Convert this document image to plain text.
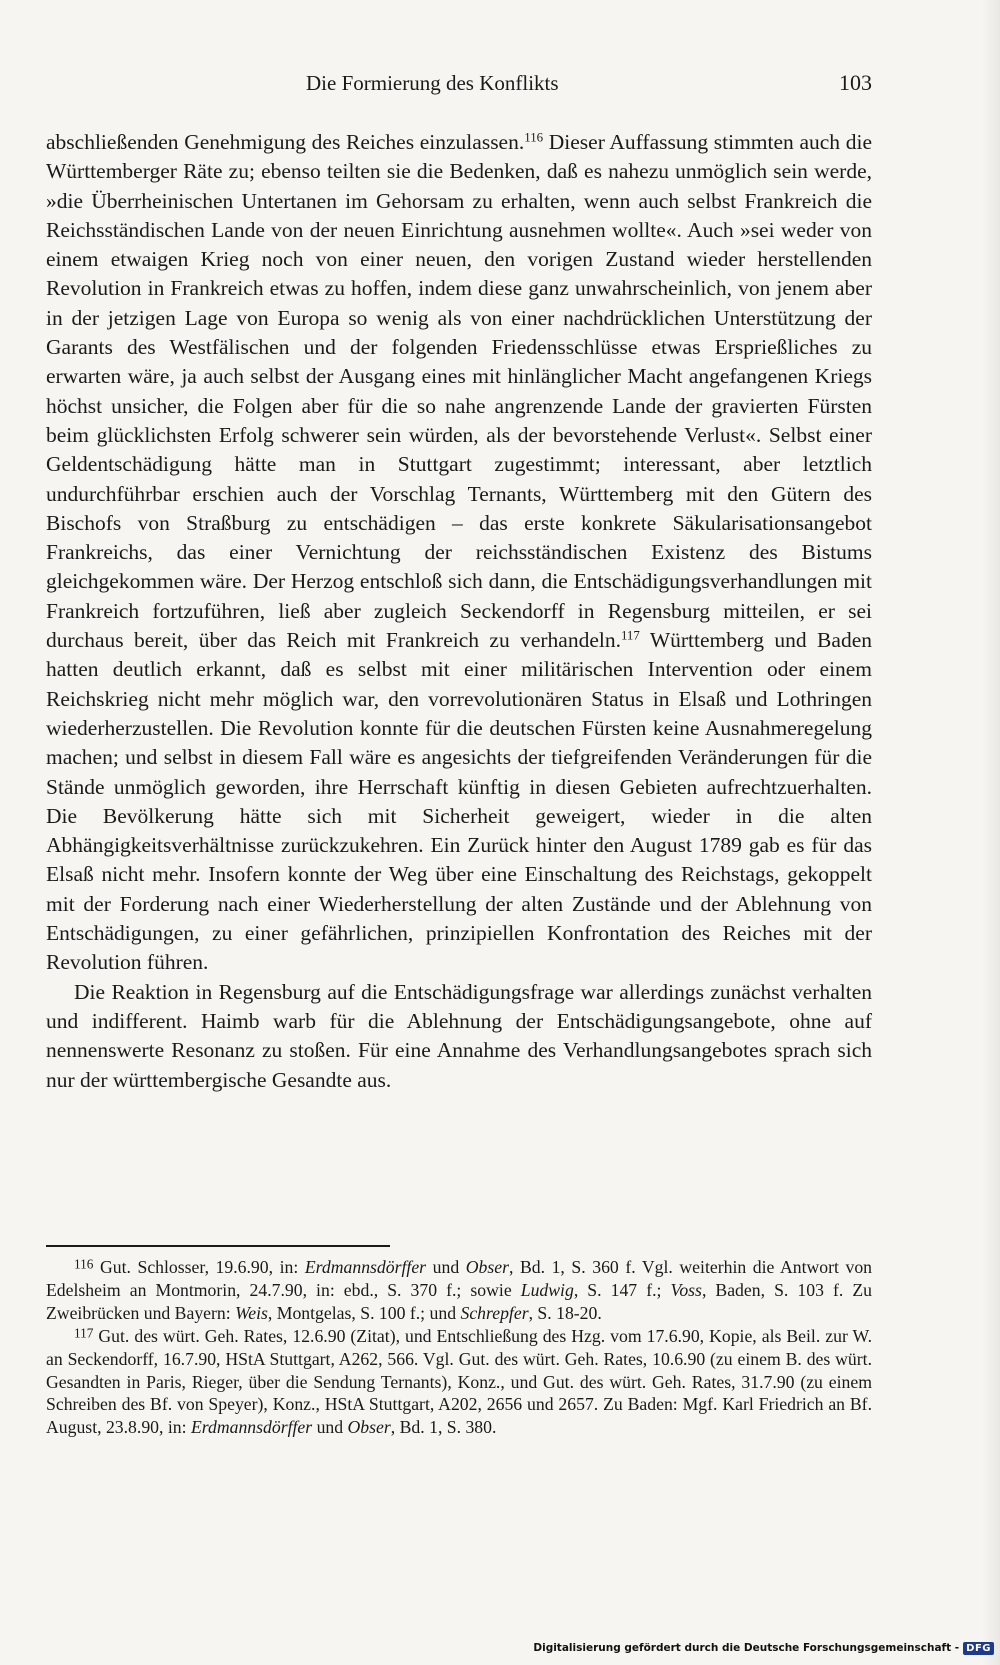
Die Formierung des Konflikts	103

abschließenden Genehmigung des Reiches einzulassen.$^{116}$ Dieser Auffassung stimmten auch die Württemberger Räte zu; ebenso teilten sie die Bedenken, daß es nahezu unmöglich sein werde, »die Überrheinischen Untertanen im Gehorsam zu erhalten, wenn auch selbst Frankreich die Reichsständischen Lande von der neuen Einrichtung ausnehmen wollte«. Auch »sei weder von einem etwaigen Krieg noch von einer neuen, den vorigen Zustand wieder herstellenden Revolution in Frankreich etwas zu hoffen, indem diese ganz unwahrscheinlich, von jenem aber in der jetzigen Lage von Europa so wenig als von einer nachdrücklichen Unterstützung der Garants des Westfälischen und der folgenden Friedensschlüsse etwas Ersprießliches zu erwarten wäre, ja auch selbst der Ausgang eines mit hinlänglicher Macht angefangenen Kriegs höchst unsicher, die Folgen aber für die so nahe angrenzende Lande der gravierten Fürsten beim glücklichsten Erfolg schwerer sein würden, als der bevorstehende Verlust«. Selbst einer Geldentschädigung hätte man in Stuttgart zugestimmt; interessant, aber letztlich undurchführbar erschien auch der Vorschlag Ternants, Württemberg mit den Gütern des Bischofs von Straßburg zu entschädigen – das erste konkrete Säkularisationsangebot Frankreichs, das einer Vernichtung der reichsständischen Existenz des Bistums gleichgekommen wäre. Der Herzog entschloß sich dann, die Entschädigungsverhandlungen mit Frankreich fortzuführen, ließ aber zugleich Seckendorff in Regensburg mitteilen, er sei durchaus bereit, über das Reich mit Frankreich zu verhandeln.$^{117}$ Württemberg und Baden hatten deutlich erkannt, daß es selbst mit einer militärischen Intervention oder einem Reichskrieg nicht mehr möglich war, den vorrevolutionären Status in Elsaß und Lothringen wiederherzustellen. Die Revolution konnte für die deutschen Fürsten keine Ausnahmeregelung machen; und selbst in diesem Fall wäre es angesichts der tiefgreifenden Veränderungen für die Stände unmöglich geworden, ihre Herrschaft künftig in diesen Gebieten aufrechtzuerhalten. Die Bevölkerung hätte sich mit Sicherheit geweigert, wieder in die alten Abhängigkeitsverhältnisse zurückzukehren. Ein Zurück hinter den August 1789 gab es für das Elsaß nicht mehr. Insofern konnte der Weg über eine Einschaltung des Reichstags, gekoppelt mit der Forderung nach einer Wiederherstellung der alten Zustände und der Ablehnung von Entschädigungen, zu einer gefährlichen, prinzipiellen Konfrontation des Reiches mit der Revolution führen.

Die Reaktion in Regensburg auf die Entschädigungsfrage war allerdings zunächst verhalten und indifferent. Haimb warb für die Ablehnung der Entschädigungsangebote, ohne auf nennenswerte Resonanz zu stoßen. Für eine Annahme des Verhandlungsangebotes sprach sich nur der württembergische Gesandte aus.

$^{116}$ Gut. Schlosser, 19.6.90, in: Erdmannsdörffer und Obser, Bd. 1, S. 360 f. Vgl. weiterhin die Antwort von Edelsheim an Montmorin, 24.7.90, in: ebd., S. 370 f.; sowie Ludwig, S. 147 f.; Voss, Baden, S. 103 f. Zu Zweibrücken und Bayern: Weis, Montgelas, S. 100 f.; und Schrepfer, S. 18-20.

$^{117}$ Gut. des würt. Geh. Rates, 12.6.90 (Zitat), und Entschließung des Hzg. vom 17.6.90, Kopie, als Beil. zur W. an Seckendorff, 16.7.90, HStA Stuttgart, A262, 566. Vgl. Gut. des würt. Geh. Rates, 10.6.90 (zu einem B. des würt. Gesandten in Paris, Rieger, über die Sendung Ternants), Konz., und Gut. des würt. Geh. Rates, 31.7.90 (zu einem Schreiben des Bf. von Speyer), Konz., HStA Stuttgart, A202, 2656 und 2657. Zu Baden: Mgf. Karl Friedrich an Bf. August, 23.8.90, in: Erdmannsdörffer und Obser, Bd. 1, S. 380.

Digitalisierung gefördert durch die Deutsche Forschungsgemeinschaft - DFG
